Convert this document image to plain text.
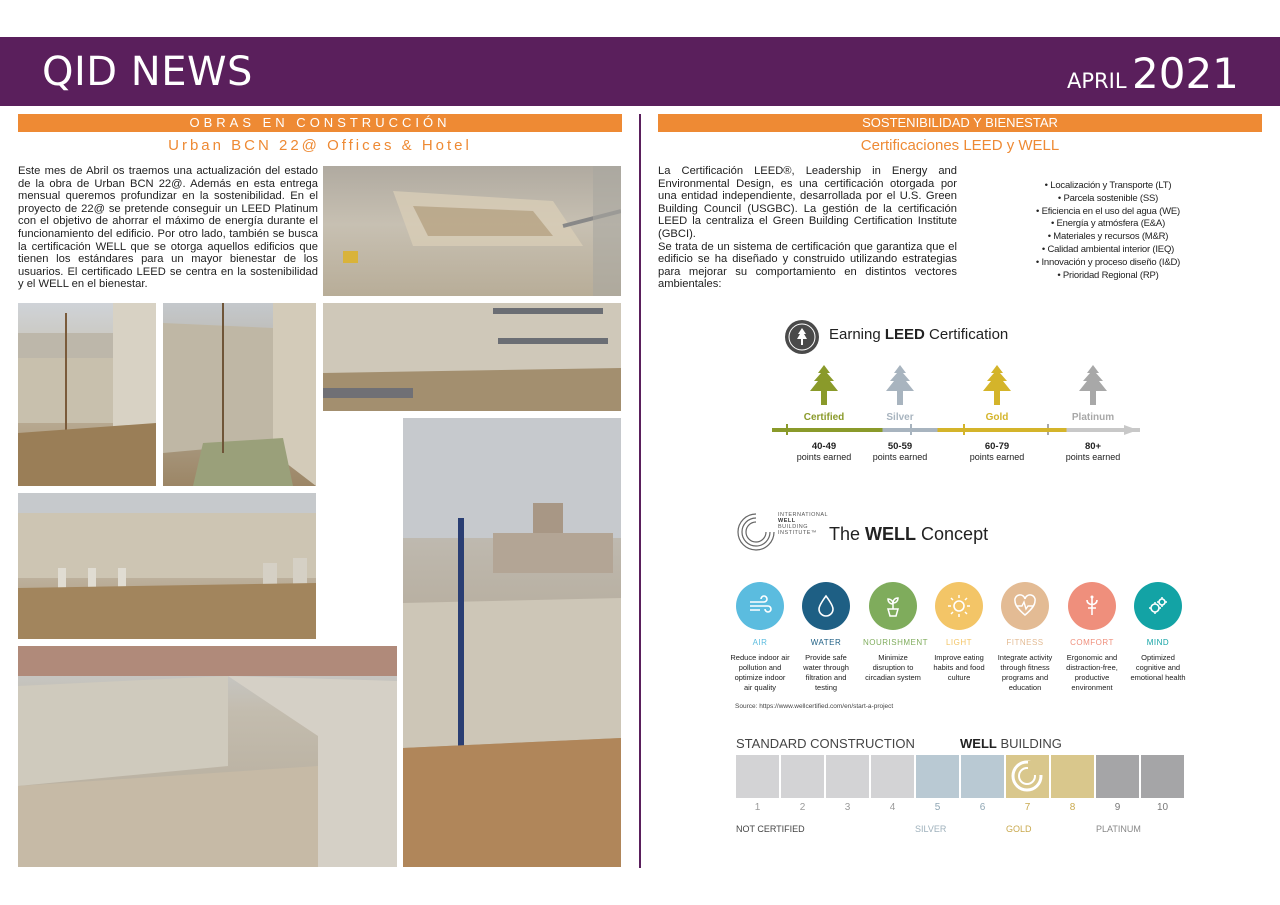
QID NEWS	APRIL 2021
OBRAS EN CONSTRUCCIÓN
Urban BCN 22@ Offices & Hotel
Este mes de Abril os traemos una actualización del estado de la obra de Urban BCN 22@. Además en esta entrega mensual queremos profundizar en la sostenibilidad. En el proyecto de 22@ se pretende conseguir un LEED Platinum con el objetivo de ahorrar el máximo de energía durante el funcionamiento del edificio. Por otro lado, también se busca la certificación WELL que se otorga aquellos edificios que tienen los estándares para un mayor bienestar de los usuarios. El certificado LEED se centra en la sostenibilidad y el WELL en el bienestar.
SOSTENIBILIDAD Y BIENESTAR
Certificaciones LEED y WELL

La Certificación LEED®, Leadership in Energy and Environmental Design, es una certificación otorgada por una entidad independiente, desarrollada por el U.S. Green Building Council (USGBC). La gestión de la certificación LEED la centraliza el Green Building Certification Institute (GBCI).

Se trata de un sistema de certificación que garantiza que el edificio se ha diseñado y construido utilizando estrategias para mejorar su comportamiento en distintos vectores ambientales:

• Localización y Transporte (LT)
• Parcela sostenible (SS)
• Eficiencia en el uso del agua (WE)
• Energía y atmósfera (E&A)
• Materiales y recursos (M&R)
• Calidad ambiental interior (IEQ)
• Innovación y proceso diseño (I&D)
• Prioridad Regional (RP)
Earning LEED Certification
Certified
40-49
points earned
Silver
50-59
points earned
Gold
60-79
points earned
Platinum
80+
points earned
INTERNATIONAL
WELL
BUILDING
INSTITUTE™ The WELL Concept
AIR
Reduce indoor air pollution and optimize indoor air quality
WATER
Provide safe water through filtration and testing
NOURISHMENT
Minimize disruption to circadian system
LIGHT
Improve eating habits and food culture
FITNESS
Integrate activity through fitness programs and education
COMFORT
Ergonomic and distraction-free, productive environment
MIND
Optimized cognitive and emotional health
Source: https://www.wellcertified.com/en/start-a-project
STANDARD CONSTRUCTION	WELL BUILDING
1	2	3	4	5	6	7	8	9	10
NOT CERTIFIED	SILVER	GOLD	PLATINUM
